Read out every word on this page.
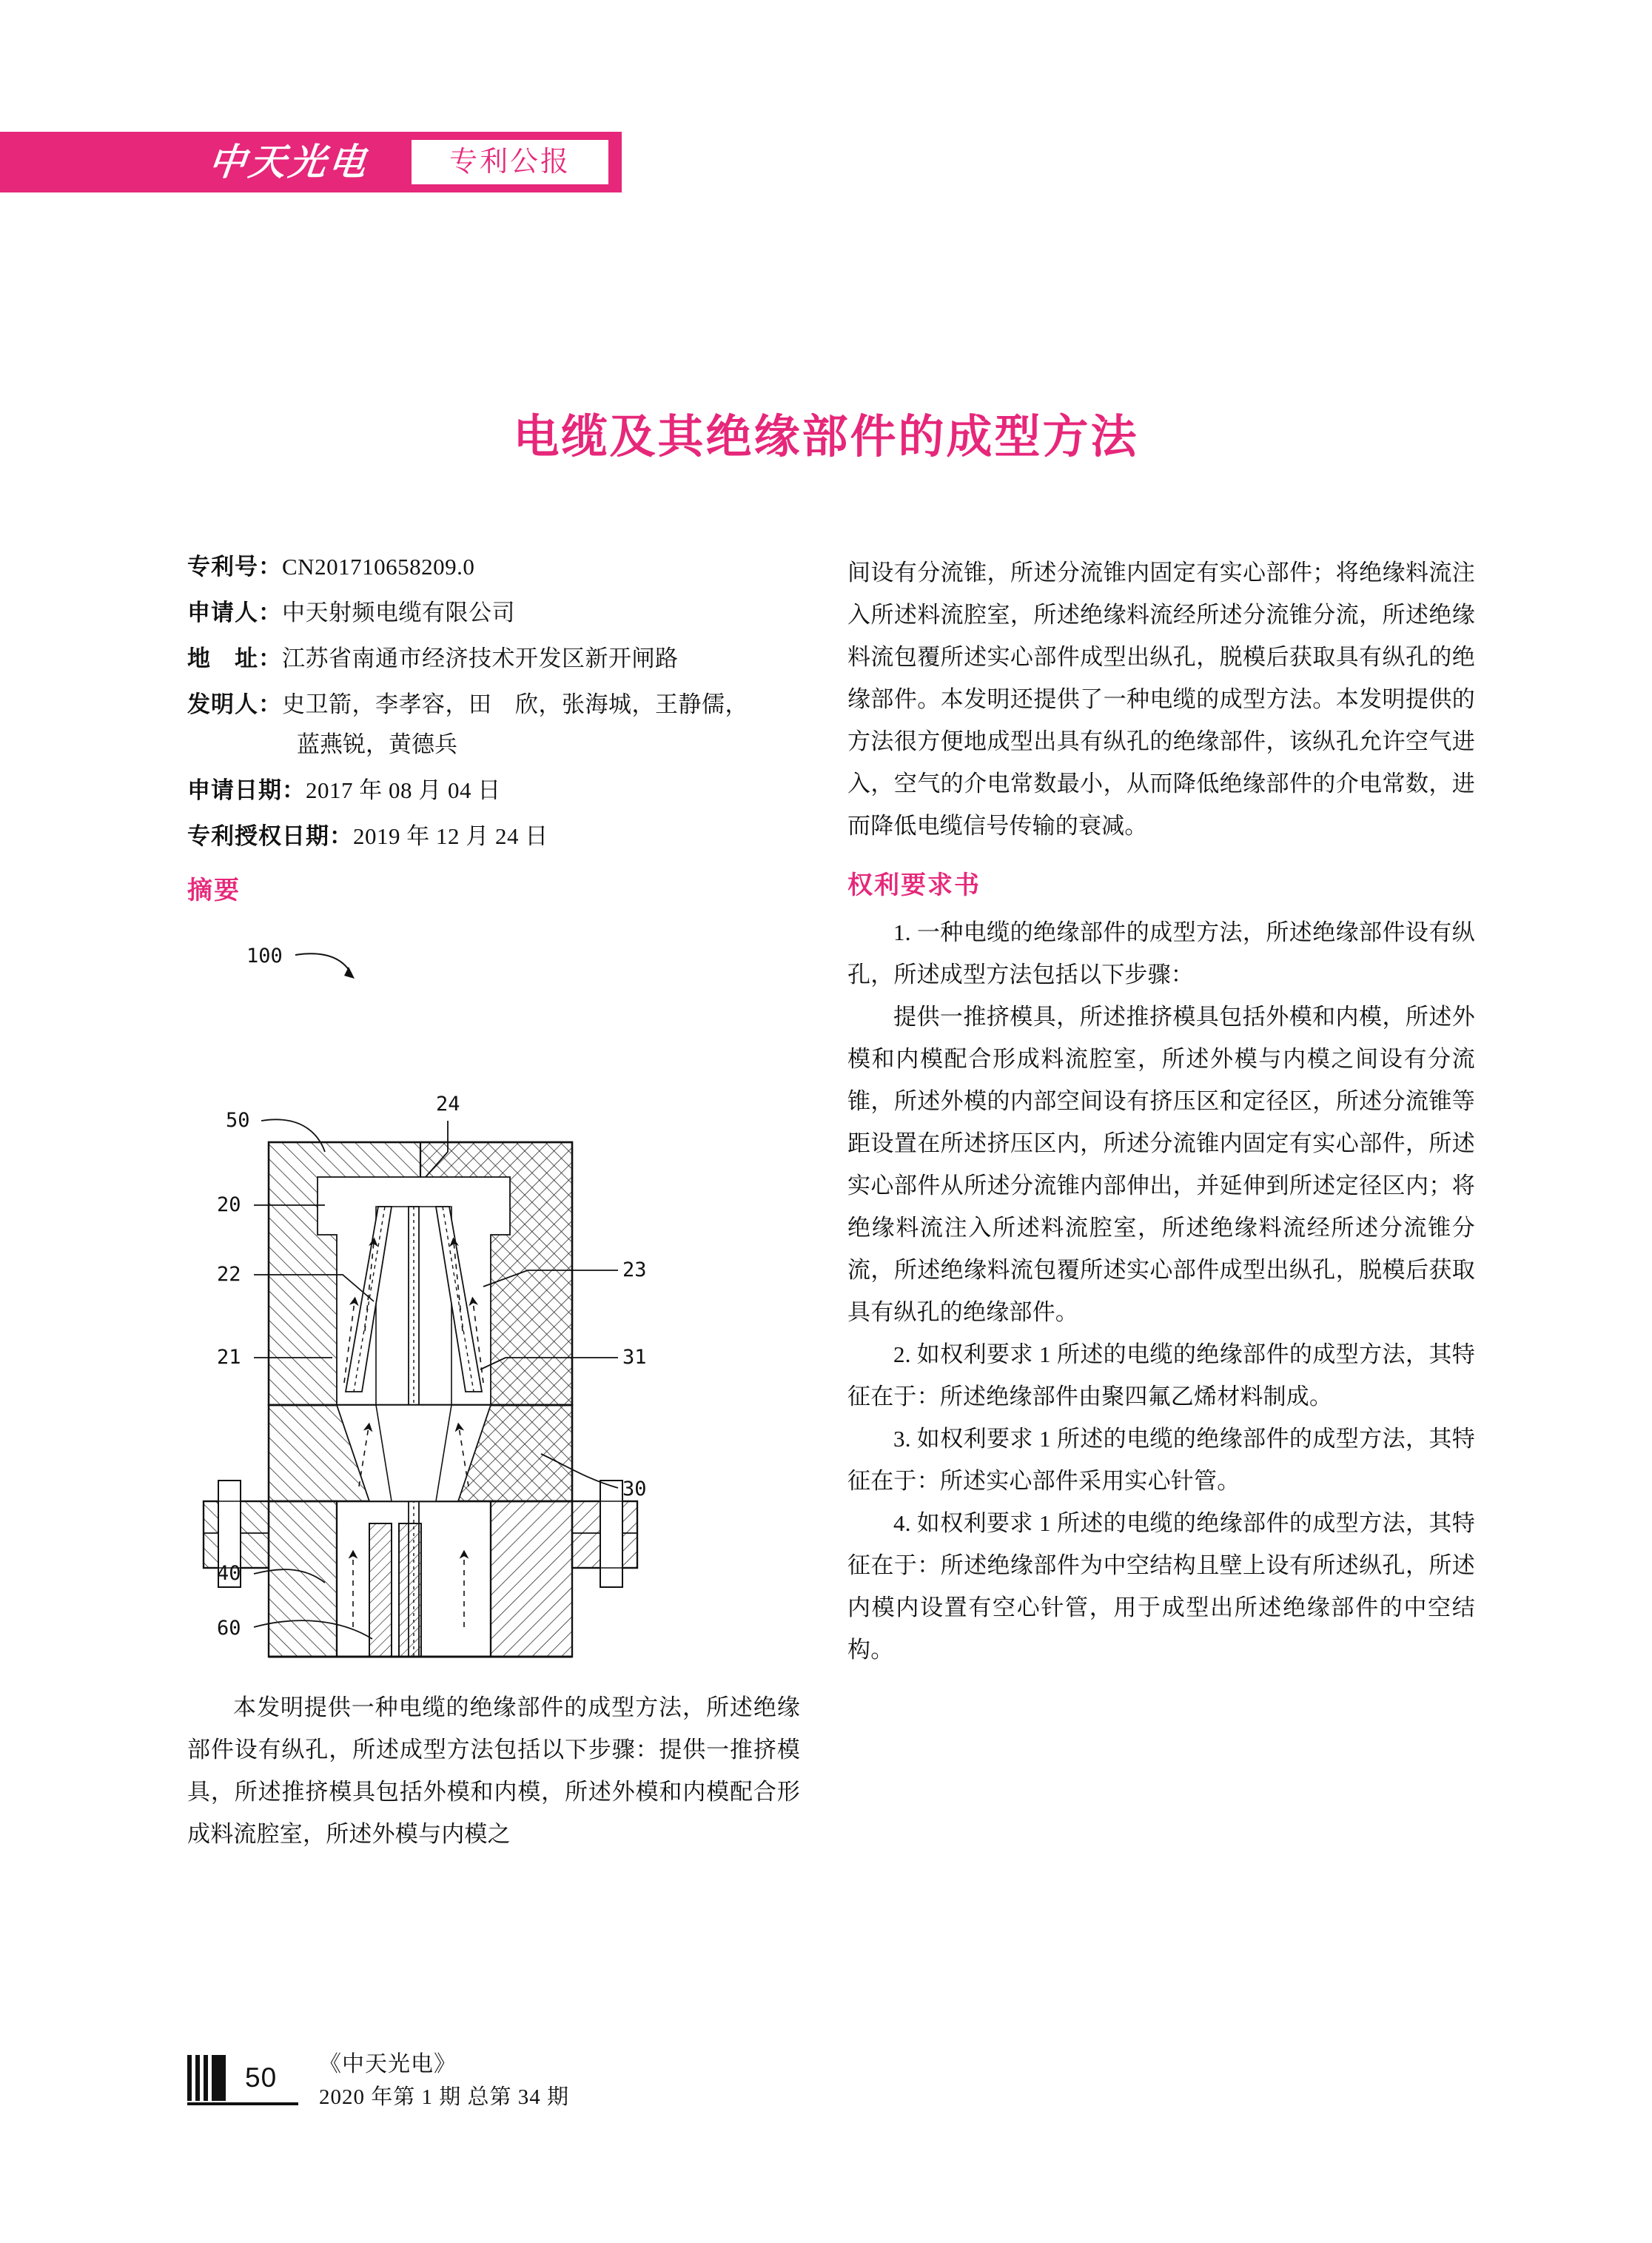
中天光电	专利公报
电缆及其绝缘部件的成型方法
专利号： CN201710658209.0
申请人： 中天射频电缆有限公司
地　址： 江苏省南通市经济技术开发区新开闸路
发明人： 史卫箭，李孝容，田　欣，张海城，王静儒，
蓝燕锐，黄德兵
申请日期： 2017 年 08 月 04 日
专利授权日期： 2019 年 12 月 24 日
摘要
100
50
24
20
22	23
21	31
30
40
60
本发明提供一种电缆的绝缘部件的成型方法，所述绝缘部件设有纵孔，所述成型方法包括以下步骤：提供一推挤模具，所述推挤模具包括外模和内模，所述外模和内模配合形成料流腔室，所述外模与内模之
间设有分流锥，所述分流锥内固定有实心部件；将绝缘料流注入所述料流腔室，所述绝缘料流经所述分流锥分流，所述绝缘料流包覆所述实心部件成型出纵孔，脱模后获取具有纵孔的绝缘部件。本发明还提供了一种电缆的成型方法。本发明提供的方法很方便地成型出具有纵孔的绝缘部件，该纵孔允许空气进入，空气的介电常数最小，从而降低绝缘部件的介电常数，进而降低电缆信号传输的衰减。
权利要求书
1. 一种电缆的绝缘部件的成型方法，所述绝缘部件设有纵孔，所述成型方法包括以下步骤：
提供一推挤模具，所述推挤模具包括外模和内模，所述外模和内模配合形成料流腔室，所述外模与内模之间设有分流锥，所述外模的内部空间设有挤压区和定径区，所述分流锥等距设置在所述挤压区内，所述分流锥内固定有实心部件，所述实心部件从所述分流锥内部伸出，并延伸到所述定径区内；将绝缘料流注入所述料流腔室，所述绝缘料流经所述分流锥分流，所述绝缘料流包覆所述实心部件成型出纵孔，脱模后获取具有纵孔的绝缘部件。
2. 如权利要求 1 所述的电缆的绝缘部件的成型方法，其特征在于：所述绝缘部件由聚四氟乙烯材料制成。
3. 如权利要求 1 所述的电缆的绝缘部件的成型方法，其特征在于：所述实心部件采用实心针管。
4. 如权利要求 1 所述的电缆的绝缘部件的成型方法，其特征在于：所述绝缘部件为中空结构且壁上设有所述纵孔，所述内模内设置有空心针管，用于成型出所述绝缘部件的中空结构。
50 《中天光电》
2020 年第 1 期 总第 34 期
